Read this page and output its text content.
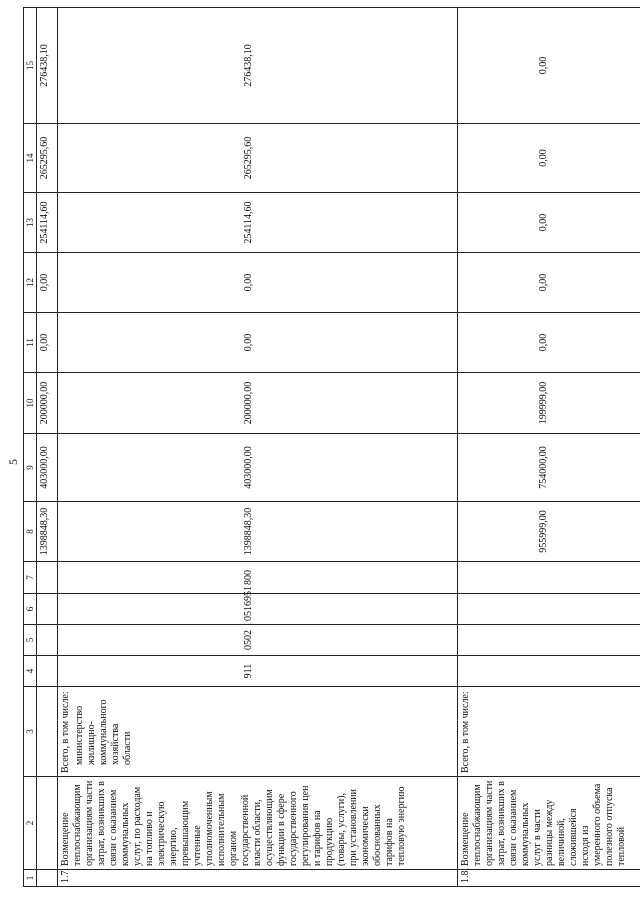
5
1	2	3	4	5	6	7	8	9	10	11	12	13	14	15
							1398848,30	403000,00	200000,00	0,00	0,00	254114,60	265295,60	276438,10
1.7.	Возмещение теплоснабжающим организациям части затрат, возникших в связи с оказанием коммунальных услуг, по расходам на топливо и электрическую энергию, превышающим учтенные уполномоченным исполнительным органом государственной власти области, осуществляющим функции в сфере государственного регулирования цен и тарифов на продукцию (товары, услуги), при установлении экономически обоснованных тарифов на тепловую энергию	Всего, в том числе: министерство жилищно-коммунального хозяйства области	911	0502	0516951	800	1398848,30	403000,00	200000,00	0,00	0,00	254114,60	265295,60	276438,10
1.8.	Возмещение теплоснабжающим организациям части затрат, возникших в связи с оказанием коммунальных услуг в части разницы между величиной, сложившейся исходя из умеренного объема полезного отпуска тепловой	Всего, в том числе:					955999,00	754000,00	199999,00	0,00	0,00	0,00	0,00	0,00
